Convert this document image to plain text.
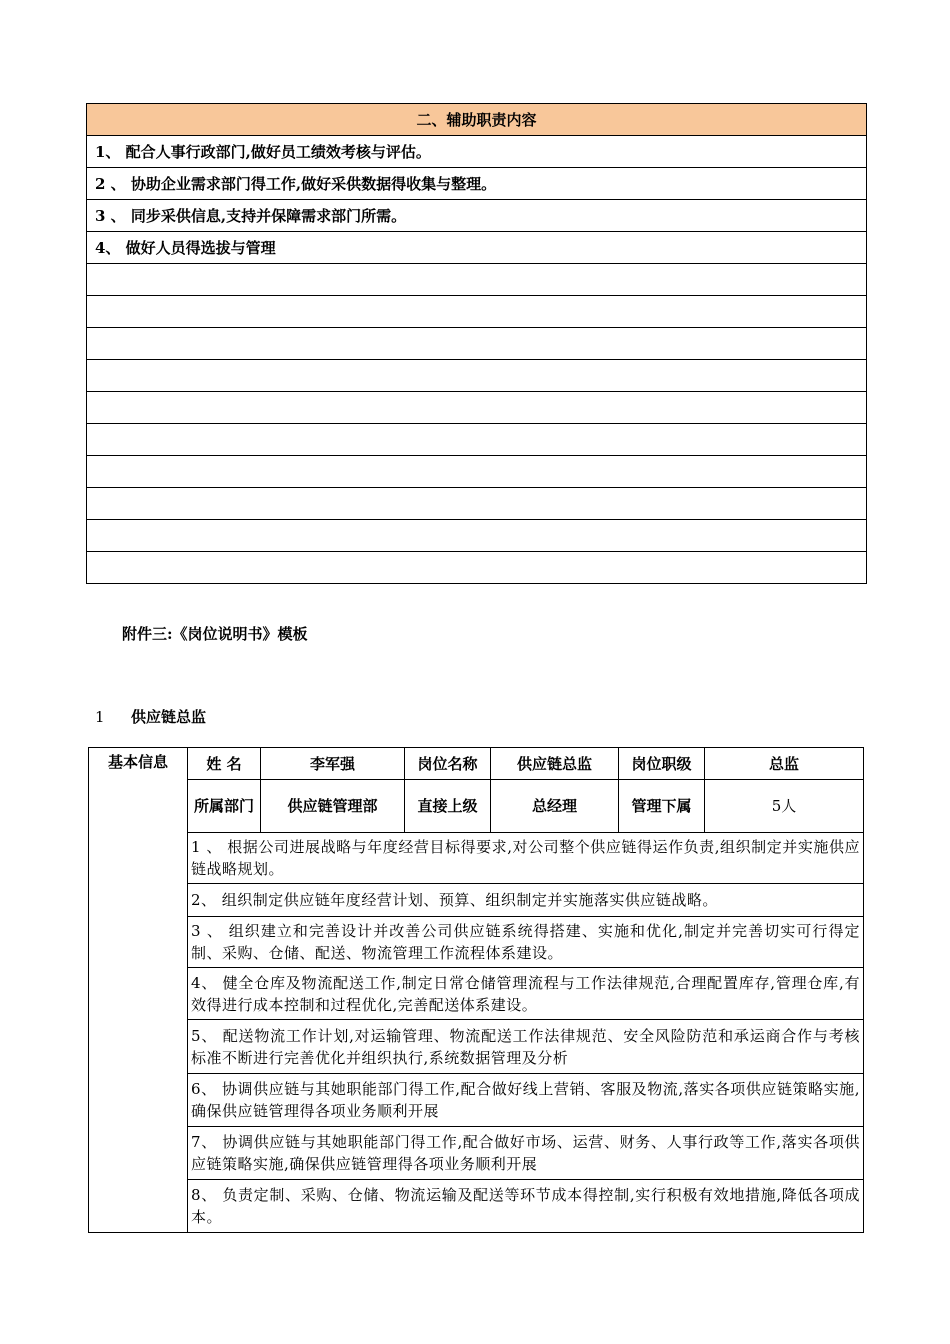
二、辅助职责内容
1、 配合人事行政部门,做好员工绩效考核与评估。
2 、 协助企业需求部门得工作,做好采供数据得收集与整理。
3 、 同步采供信息,支持并保障需求部门所需。
4、 做好人员得选拔与管理

附件三:《岗位说明书》模板
1 供应链总监
基本信息	姓 名	李军强	岗位名称	供应链总监	岗位职级	总监
	所属部门	供应链管理部	直接上级	总经理	管理下属	5人
	1 、 根据公司进展战略与年度经营目标得要求,对公司整个供应链得运作负责,组织制定并实施供应链战略规划。					
	2、 组织制定供应链年度经营计划、预算、组织制定并实施落实供应链战略。					
	3 、 组织建立和完善设计并改善公司供应链系统得搭建、实施和优化,制定并完善切实可行得定制、采购、仓储、配送、物流管理工作流程体系建设。					
	4、 健全仓库及物流配送工作,制定日常仓储管理流程与工作法律规范,合理配置库存,管理仓库,有效得进行成本控制和过程优化,完善配送体系建设。					
	5、 配送物流工作计划,对运输管理、物流配送工作法律规范、安全风险防范和承运商合作与考核标准不断进行完善优化并组织执行,系统数据管理及分析					
	6、 协调供应链与其她职能部门得工作,配合做好线上营销、客服及物流,落实各项供应链策略实施,确保供应链管理得各项业务顺利开展					
	7、 协调供应链与其她职能部门得工作,配合做好市场、运营、财务、人事行政等工作,落实各项供应链策略实施,确保供应链管理得各项业务顺利开展					
	8、 负责定制、采购、仓储、物流运输及配送等环节成本得控制,实行积极有效地措施,降低各项成本。					
